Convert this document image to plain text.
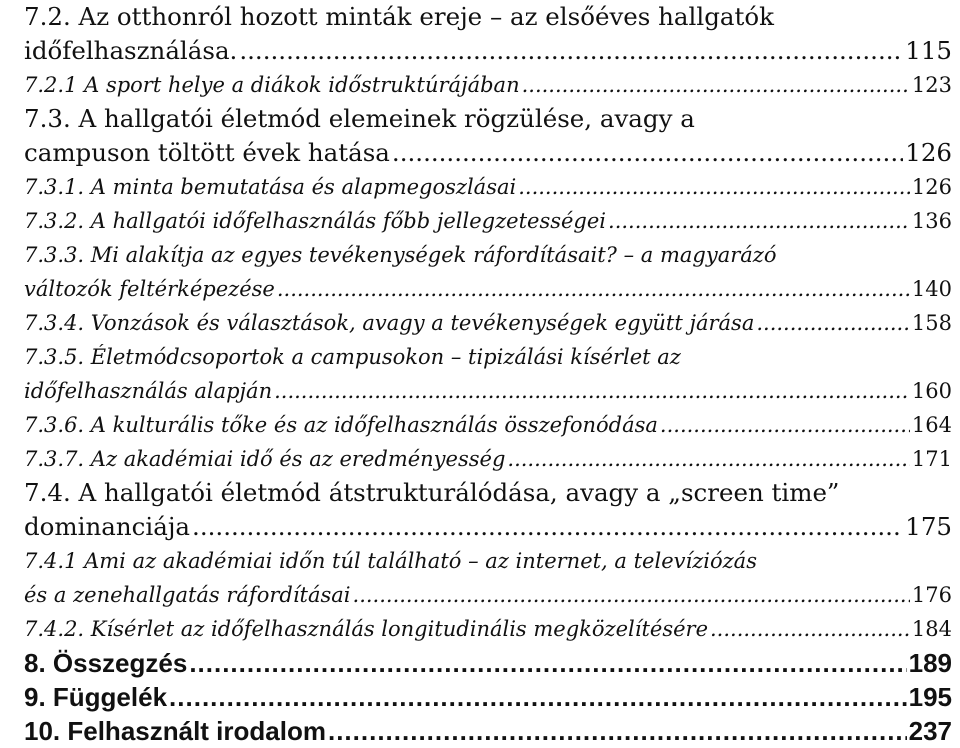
7.2. Az otthonról hozott minták ereje – az elsőéves hallgatók
időfelhasználása. .....	115
7.2.1 A sport helye a diákok időstruktúrájában .....	123
7.3. A hallgatói életmód elemeinek rögzülése, avagy a
campuson töltött évek hatása .....	126
7.3.1. A minta bemutatása és alapmegoszlásai .....	126
7.3.2. A hallgatói időfelhasználás főbb jellegzetességei .....	136
7.3.3. Mi alakítja az egyes tevékenységek ráfordításait? – a magyarázó
változók feltérképezése .....	140
7.3.4. Vonzások és választások, avagy a tevékenységek együtt járása .....	158
7.3.5. Életmódcsoportok a campusokon – tipizálási kísérlet az
időfelhasználás alapján .....	160
7.3.6. A kulturális tőke és az időfelhasználás összefonódása .....	164
7.3.7. Az akadémiai idő és az eredményesség .....	171
7.4. A hallgatói életmód átstrukturálódása, avagy a „screen time”
dominanciája .....	175
7.4.1 Ami az akadémiai időn túl található – az internet, a televíziózás
és a zenehallgatás ráfordításai .....	176
7.4.2. Kísérlet az időfelhasználás longitudinális megközelítésére .....	184
8. Összegzés .....	189
9. Függelék .....	195
10. Felhasznált irodalom .....	237
